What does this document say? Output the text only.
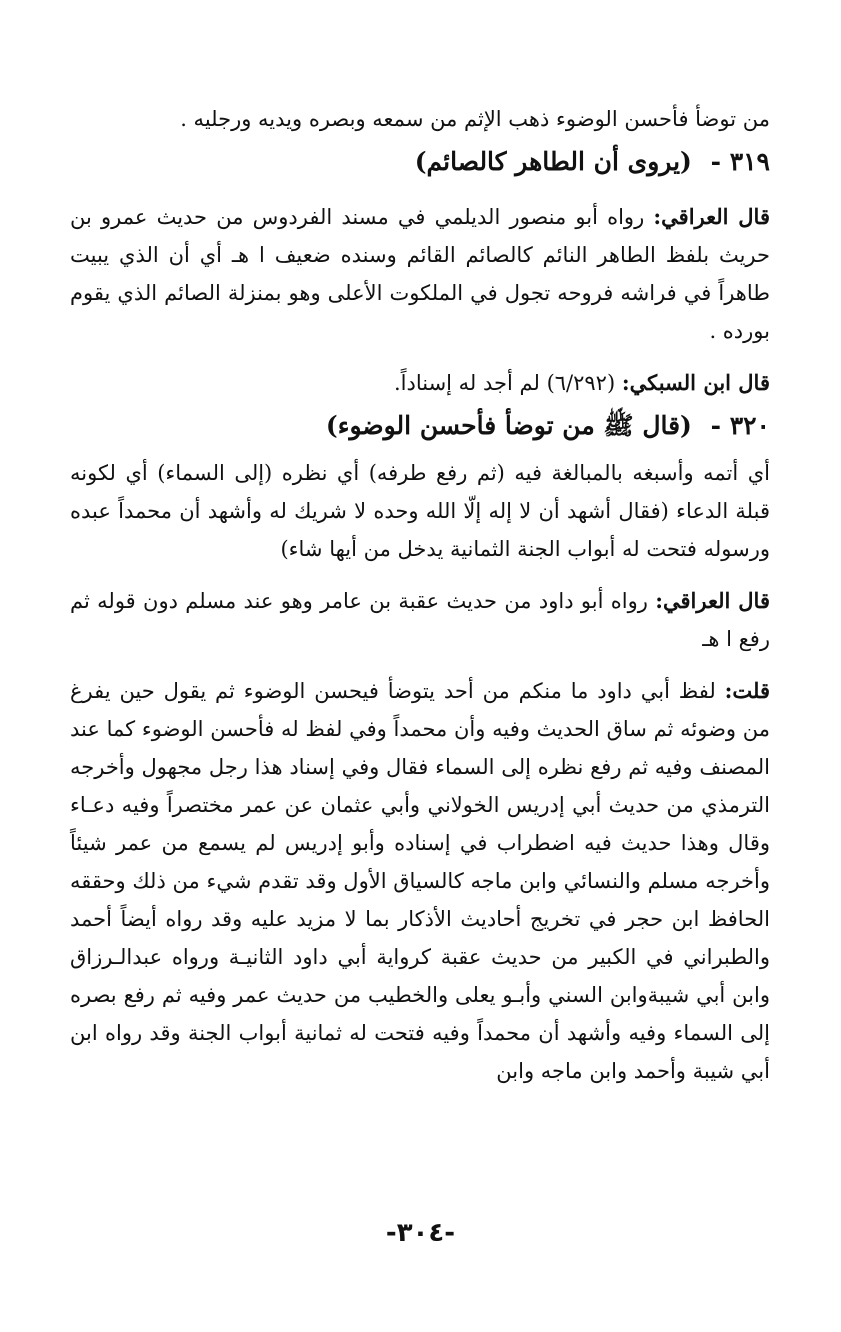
من توضأ فأحسن الوضوء ذهب الإثم من سمعه وبصره ويديه ورجليه .

٣١٩ - (يروى أن الطاهر كالصائم)

قال العراقي: رواه أبو منصور الديلمي في مسند الفردوس من حديث عمرو بن حريث بلفظ الطاهر النائم كالصائم القائم وسنده ضعيف ا هـ أي أن الذي يبيت طاهراً في فراشه فروحه تجول في الملكوت الأعلى وهو بمنزلة الصائم الذي يقوم بورده .

قال ابن السبكي: (٦/٢٩٢) لم أجد له إسناداً.

٣٢٠ - (قال ﷺ من توضأ فأحسن الوضوء)

أي أتمه وأسبغه بالمبالغة فيه (ثم رفع طرفه) أي نظره (إلى السماء) أي لكونه قبلة الدعاء (فقال أشهد أن لا إله إلّا الله وحده لا شريك له وأشهد أن محمداً عبده ورسوله فتحت له أبواب الجنة الثمانية يدخل من أيها شاء)

قال العراقي: رواه أبو داود من حديث عقبة بن عامر وهو عند مسلم دون قوله ثم رفع ا هـ

قلت: لفظ أبي داود ما منكم من أحد يتوضأ فيحسن الوضوء ثم يقول حين يفرغ من وضوئه ثم ساق الحديث وفيه وأن محمداً وفي لفظ له فأحسن الوضوء كما عند المصنف وفيه ثم رفع نظره إلى السماء فقال وفي إسناد هذا رجل مجهول وأخرجه الترمذي من حديث أبي إدريس الخولاني وأبي عثمان عن عمر مختصراً وفيه دعـاء وقال وهذا حديث فيه اضطراب في إسناده وأبو إدريس لم يسمع من عمر شيئاً وأخرجه مسلم والنسائي وابن ماجه كالسياق الأول وقد تقدم شيء من ذلك وحققه الحافظ ابن حجر في تخريج أحاديث الأذكار بما لا مزيد عليه وقد رواه أيضاً أحمد والطبراني في الكبير من حديث عقبة كرواية أبي داود الثانيـة ورواه عبدالـرزاق وابن أبي شيبةوابن السني وأبـو يعلى والخطيب من حديث عمر وفيه ثم رفع بصره إلى السماء وفيه وأشهد أن محمداً وفيه فتحت له ثمانية أبواب الجنة وقد رواه ابن أبي شيبة وأحمد وابن ماجه وابن

-٣٠٤-
